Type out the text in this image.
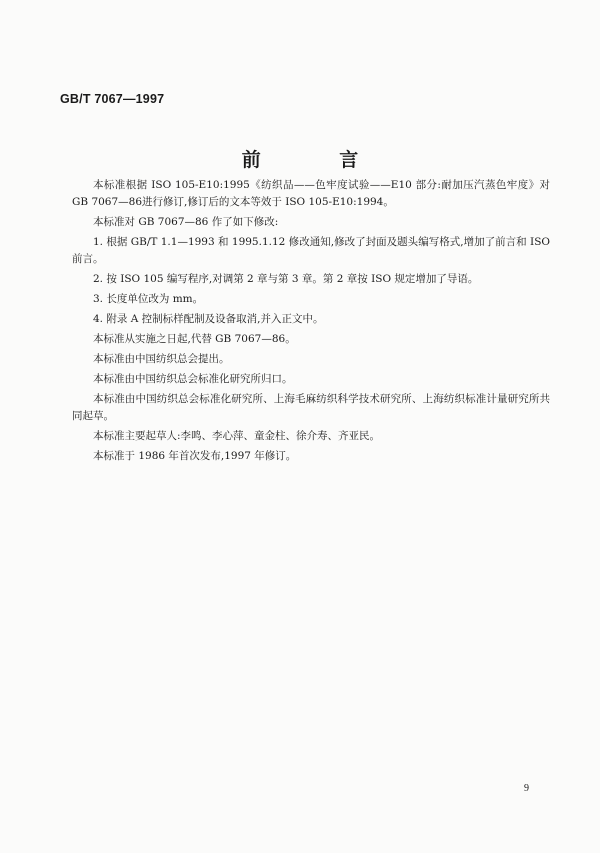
GB/T 7067—1997
前 言

本标准根据 ISO 105-E10:1995《纺织品——色牢度试验——E10 部分:耐加压汽蒸色牢度》对 GB 7067—86进行修订,修订后的文本等效于 ISO 105-E10:1994。

本标准对 GB 7067—86 作了如下修改:

1. 根据 GB/T 1.1—1993 和 1995.1.12 修改通知,修改了封面及题头编写格式,增加了前言和 ISO 前言。

2. 按 ISO 105 编写程序,对调第 2 章与第 3 章。第 2 章按 ISO 规定增加了导语。

3. 长度单位改为 mm。

4. 附录 A 控制标样配制及设备取消,并入正文中。

本标准从实施之日起,代替 GB 7067—86。

本标准由中国纺织总会提出。

本标准由中国纺织总会标准化研究所归口。

本标准由中国纺织总会标准化研究所、上海毛麻纺织科学技术研究所、上海纺织标准计量研究所共同起草。

本标准主要起草人:李鸣、李心萍、童金柱、徐介寿、齐亚民。

本标准于 1986 年首次发布,1997 年修订。

9
